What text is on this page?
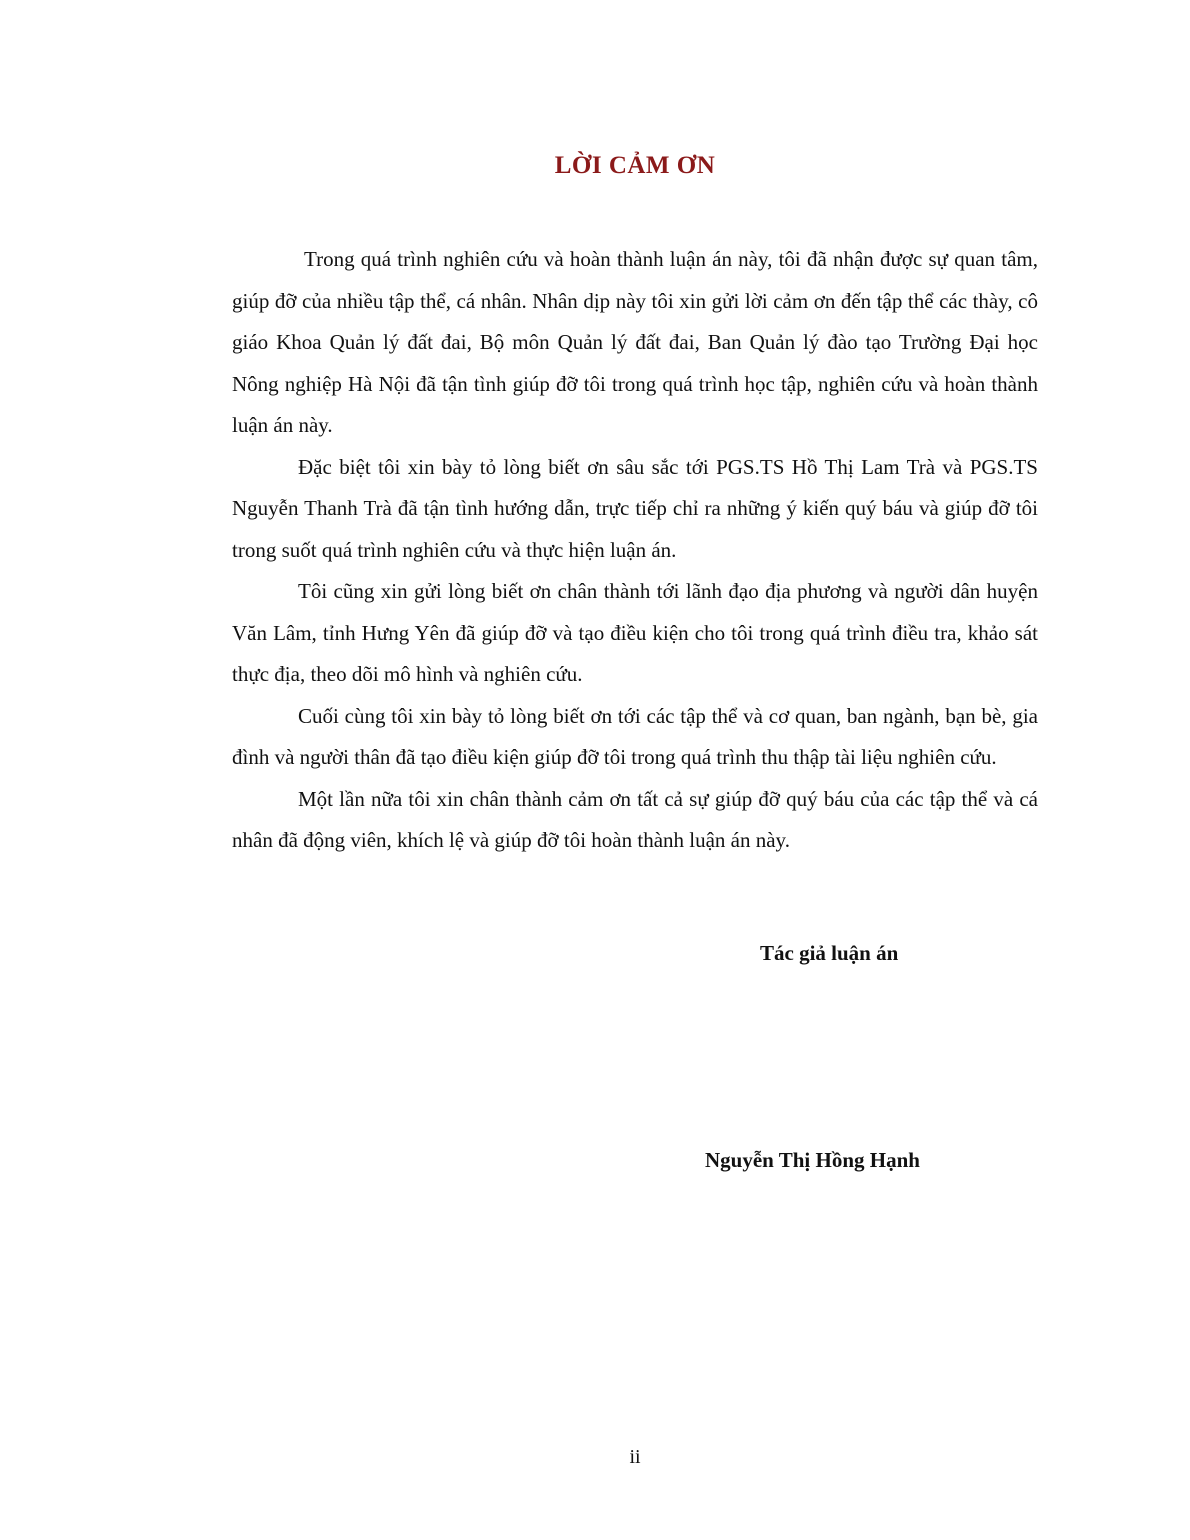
LỜI CẢM ƠN

Trong quá trình nghiên cứu và hoàn thành luận án này, tôi đã nhận được sự quan tâm, giúp đỡ của nhiều tập thể, cá nhân. Nhân dịp này tôi xin gửi lời cảm ơn đến tập thể các thày, cô giáo Khoa Quản lý đất đai, Bộ môn Quản lý đất đai, Ban Quản lý đào tạo Trường Đại học Nông nghiệp Hà Nội đã tận tình giúp đỡ tôi trong quá trình học tập, nghiên cứu và hoàn thành luận án này.

Đặc biệt tôi xin bày tỏ lòng biết ơn sâu sắc tới PGS.TS Hồ Thị Lam Trà và PGS.TS Nguyễn Thanh Trà đã tận tình hướng dẫn, trực tiếp chỉ ra những ý kiến quý báu và giúp đỡ tôi trong suốt quá trình nghiên cứu và thực hiện luận án.

Tôi cũng xin gửi lòng biết ơn chân thành tới lãnh đạo địa phương và người dân huyện Văn Lâm, tỉnh Hưng Yên đã giúp đỡ và tạo điều kiện cho tôi trong quá trình điều tra, khảo sát thực địa, theo dõi mô hình và nghiên cứu.

Cuối cùng tôi xin bày tỏ lòng biết ơn tới các tập thể và cơ quan, ban ngành, bạn bè, gia đình và người thân đã tạo điều kiện giúp đỡ tôi trong quá trình thu thập tài liệu nghiên cứu.

Một lần nữa tôi xin chân thành cảm ơn tất cả sự giúp đỡ quý báu của các tập thể và cá nhân đã động viên, khích lệ và giúp đỡ tôi hoàn thành luận án này.

Tác giả luận án

Nguyễn Thị Hồng Hạnh

ii
